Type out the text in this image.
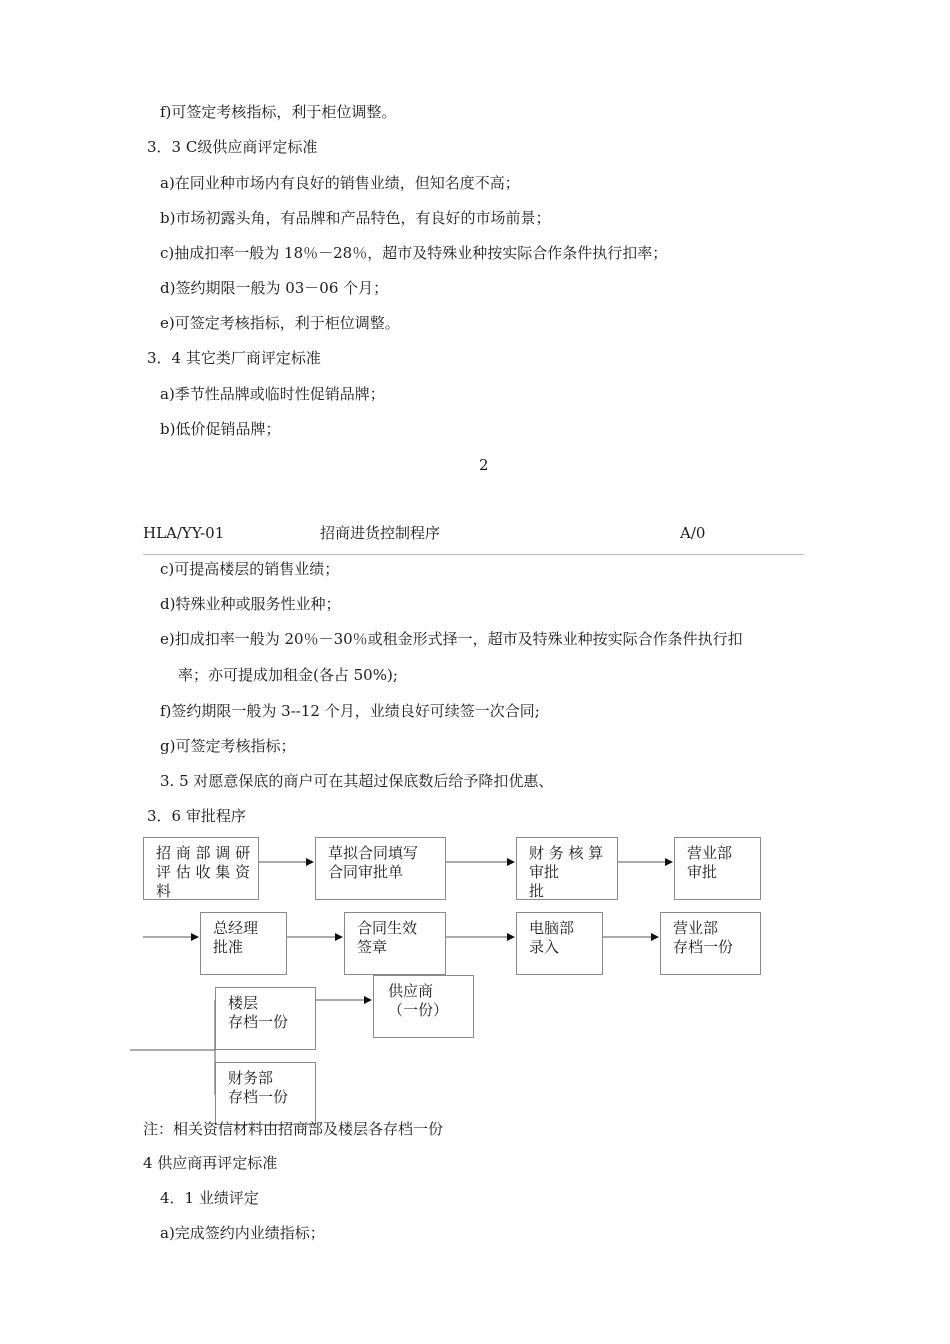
f)可签定考核指标，利于柜位调整。
3．3 C级供应商评定标准
a)在同业种市场内有良好的销售业绩，但知名度不高；
b)市场初露头角，有品牌和产品特色，有良好的市场前景；
c)抽成扣率一般为 18％－28％，超市及特殊业种按实际合作条件执行扣率；
d)签约期限一般为 03－06 个月；
e)可签定考核指标，利于柜位调整。
3．4 其它类厂商评定标准
a)季节性品牌或临时性促销品牌；
b)低价促销品牌；
2
HLA/YY-01	招商进货控制程序	A/0
c)可提高楼层的销售业绩；
d)特殊业种或服务性业种；
e)扣成扣率一般为 20％－30％或租金形式择一，超市及特殊业种按实际合作条件执行扣
率；亦可提成加租金(各占 50%);
f)签约期限一般为 3--12 个月，业绩良好可续签一次合同;
g)可签定考核指标；
3. 5 对愿意保底的商户可在其超过保底数后给予降扣优惠、
3．6 审批程序
招 商 部 调 研
评 估 收 集 资
料
草拟合同填写
合同审批单
财 务 核 算
审批
批
营业部
审批
总经理
批准
合同生效
签章
电脑部
录入
营业部
存档一份
楼层
存档一份
供应商
（一份）
财务部
存档一份
注：相关资信材料由招商部及楼层各存档一份
4 供应商再评定标准
4．1 业绩评定
a)完成签约内业绩指标；
